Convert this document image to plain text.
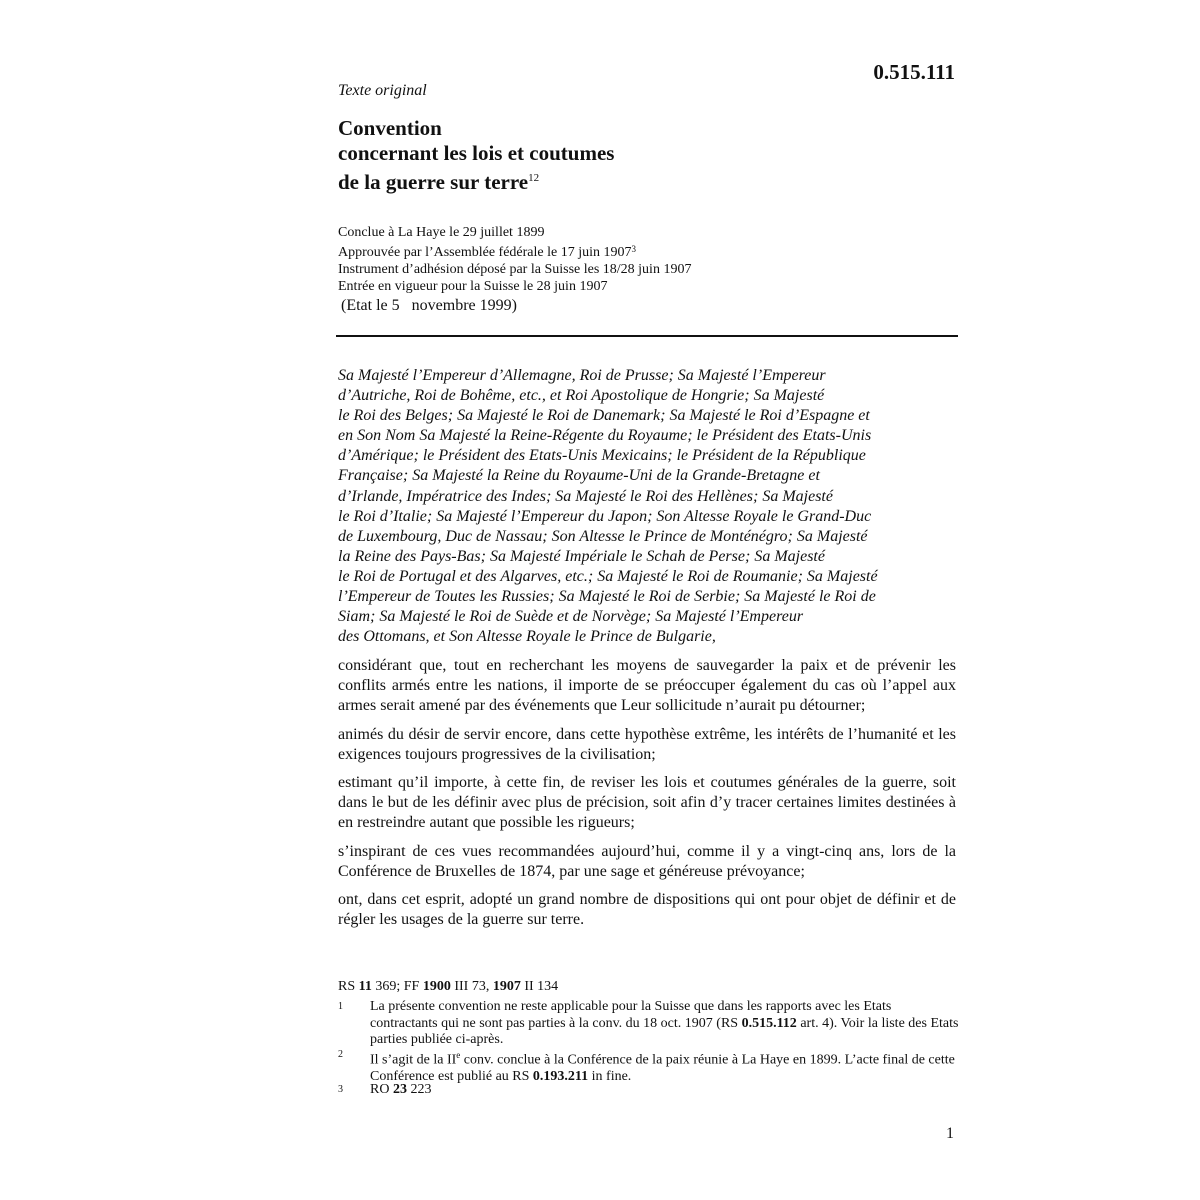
0.515.111
Texte original
Convention
concernant les lois et coutumes
de la guerre sur terre$^{12}$
Conclue à La Haye le 29 juillet 1899
Approuvée par l’Assemblée fédérale le 17 juin 1907$^3$
Instrument d’adhésion déposé par la Suisse les 18/28 juin 1907
Entrée en vigueur pour la Suisse le 28 juin 1907
(Etat le 5   novembre 1999)
Sa Majesté l’Empereur d’Allemagne, Roi de Prusse; Sa Majesté l’Empereur
d’Autriche, Roi de Bohême, etc., et Roi Apostolique de Hongrie; Sa Majesté
le Roi des Belges; Sa Majesté le Roi de Danemark; Sa Majesté le Roi d’Espagne et
en Son Nom Sa Majesté la Reine-Régente du Royaume; le Président des Etats-Unis
d’Amérique; le Président des Etats-Unis Mexicains; le Président de la République
Française; Sa Majesté la Reine du Royaume-Uni de la Grande-Bretagne et
d’Irlande, Impératrice des Indes; Sa Majesté le Roi des Hellènes; Sa Majesté
le Roi d’Italie; Sa Majesté l’Empereur du Japon; Son Altesse Royale le Grand-Duc
de Luxembourg, Duc de Nassau; Son Altesse le Prince de Monténégro; Sa Majesté
la Reine des Pays-Bas; Sa Majesté Impériale le Schah de Perse; Sa Majesté
le Roi de Portugal et des Algarves, etc.; Sa Majesté le Roi de Roumanie; Sa Majesté
l’Empereur de Toutes les Russies; Sa Majesté le Roi de Serbie; Sa Majesté le Roi de
Siam; Sa Majesté le Roi de Suède et de Norvège; Sa Majesté l’Empereur
des Ottomans, et Son Altesse Royale le Prince de Bulgarie,

considérant que, tout en recherchant les moyens de sauvegarder la paix et de prévenir les conflits armés entre les nations, il importe de se préoccuper également du cas où l’appel aux armes serait amené par des événements que Leur sollicitude n’aurait pu détourner;

animés du désir de servir encore, dans cette hypothèse extrême, les intérêts de l’humanité et les exigences toujours progressives de la civilisation;

estimant qu’il importe, à cette fin, de reviser les lois et coutumes générales de la guerre, soit dans le but de les définir avec plus de précision, soit afin d’y tracer certaines limites destinées à en restreindre autant que possible les rigueurs;

s’inspirant de ces vues recommandées aujourd’hui, comme il y a vingt-cinq ans, lors de la Conférence de Bruxelles de 1874, par une sage et généreuse prévoyance;

ont, dans cet esprit, adopté un grand nombre de dispositions qui ont pour objet de définir et de régler les usages de la guerre sur terre.

RS 11 369; FF 1900 III 73, 1907 II 134
1 La présente convention ne reste applicable pour la Suisse que dans les rapports avec les Etats contractants qui ne sont pas parties à la conv. du 18 oct. 1907 (RS 0.515.112 art. 4). Voir la liste des Etats parties publiée ci-après.
2 Il s’agit de la IIe conv. conclue à la Conférence de la paix réunie à La Haye en 1899. L’acte final de cette Conférence est publié au RS 0.193.211 in fine.
3 RO 23 223
1
